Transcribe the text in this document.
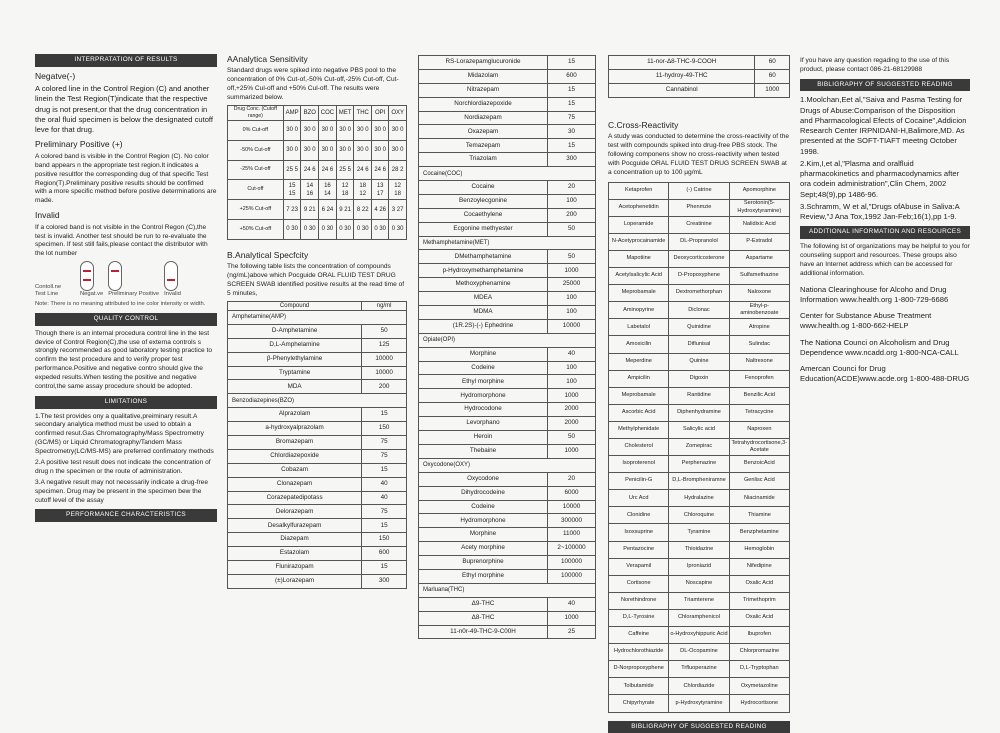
INTERPRATATION OF RESULTS
Negatve(-)
A colored line in the Control Region (C) and another linein the Test Region(T)indicate that the respective drug is not present,or that the drug concentration in the oral fluid specimen is below the designated cutoff leve for that drug.
Preliminary Positive (+)
A colored band is visible in the Control Region (C). No color band appears n the appropriate test region.It indicates a positive resultfor the corresponding dug of that specific Test Region(T).Preliminary positive results should be confimed with a more specific method before postive determinations are made.
Invalid
If a colored band is not visible in the Control Regon (C),the test is invalid. Another test should be run to re-evaluate the specimen. If test still fails,please contact the distributor with the lot number
Contoll.ne
Test Line	Negat.ve Preliminary Positive Invalid
Note: There is no meaning attributed to ine color intensity or width.
QUALITY CONTROL
Though there is an internal procedura control line in the test device of Control Region(C),the use of externa controls s strongly recommended as good laboratory testing practice to confirm the test procedure and to verify proper test performance.Positive and negative contro should give the expeded results.When testing the positive and negative control,the same assay procedure should be adopted.
LIMITATIONS
1.The test provides ony a qualitative,preiminary result.A secondary analytica method must be used to obtain a confirmed resut.Gas Chromatography/Mass Spectrometry (GC/MS) or Liquid Chromatography/Tandem Mass Spectrometry(LC/MS-MS) are preferred confimatory methods
2.A positive test result does not indicate the concentration of drug n the specimen or the route of administration.
3.A negative result may not necessarily indicate a drug-free specimen. Drug may be present in the specimen bew the cutoff level of the assay
PERFORMANCE CHARACTERISTICS
AAnalytica Sensitivity
Standard drugs were spiked into negative PBS pool to the concentration of 0% Cut-of,-50% Cut-off,-25% Cut-off, Cut-off,+25% Cul-off and +50% Cul-off. The results were summarized below.
Drug Conc. (Cutoff range)	AMP	BZO	COC	MET	THC	OPI	OXY
0% Cut-off	30 0	30 0	30 0	30 0	30 0	30 0	30 0
-50% Cut-off	30 0	30 0	30 0	30 0	30 0	30 0	30 0
-25% Cut-off	25 5	24 6	24 6	25 5	24 6	24 6	28 2
Cut-off	15 15	14 16	16 14	12 18	18 12	13 17	12 18
+25% Cut-off	7 23	9 21	6 24	9 21	8 22	4 26	3 27
+50% Cut-off	0 30	0 30	0 30	0 30	0 30	0 30	0 30
B.Analytical Specfcity
The following table lists the concentration of compounds (ng/mL)above which Pocguide ORAL FLUID TEST DRUG SCREEN SWAB identified positive results at the read time of 5 minutes,
Compound	ng/ml
Amphetamine(AMP)	
D-Amphetamine	50
D,L-Amphelamine	125
β-Phenylethylamine	10000
Tryptamine	10000
MDA	200
Benzodiazepines(BZO)	
Alprazolam	15
a-hydroxyalprazolam	150
Bromazepam	75
Chlordiazepoxide	75
Cobazam	15
Clonazepam	40
Corazepatedipotass	40
Delorazepam	75
Desalkylfurazepam	15
Diazepam	150
Estazolam	600
Flunirazopam	15
(±)Lorazepam	300
RS-Lorazepamglucuronide	15
Midazolam	600
Nitrazepam	15
Norchlordiazepoxide	15
Nordiazepam	75
Oxazepam	30
Temazepam	15
Triazolam	300
Cocaine(COC)	
Cocaine	20
Benzoylecgonine	100
Cocaethylene	200
Ecgonine methyester	50
Methamphetamine(MET)	
DMethamphetamine	50
p-Hydroxymethamphetamine	1000
Methoxyphenamine	25000
MDEA	100
MDMA	100
(1R.2S)-(-) Ephedrine	10000
Opiate(OPI)	
Morphine	40
Codeine	100
Ethyl morphine	100
Hydromorphone	1000
Hydrocodone	2000
Levorphano	2000
Heroin	50
Thebaine	1000
Oxycodone(OXY)	
Oxycodone	20
Dihydrocodeine	6000
Codeine	10000
Hydromorphone	300000
Morphine	11000
Acety morphine	2~100000
Buprenorphine	100000
Ethyl morphine	100000
Marluana(THC)	
Δ9-THC	40
Δ8-THC	1000
11-n0r-49-THC-9-C00H	25
11-nor-Δ8-THC-9-COOH	60
11-hydroy-49-THC	60
Cannabinol	1000
C.Cross-Reactivity
A study was conducted to determine the cross-reactivity of the test with compounds spiked into drug-free PBS stock. The following componens show no cross-reactivity when tested with Pocguide ORAL FLUID TEST DRUG SCREEN SWAB at a concentration up to 100 µg/mL
Ketaprofen	(-) Catrine	Apomorphine
Acetophenetidin	Phenmzie	Serotonin(5-Hydroxytyramine)
Loperamide	Creatinine	Nalidixic Acid
N-Acetyprocainamide	DL-Propranolol	P-Estradol
Mapotiine	Deoxycorticosterone	Aspartame
Acetylsalicylic Acid	D-Propoxyphene	Sulfamethazine
Meprobamale	Dextromethorphan	Naloxone
Aminopyrine	Diclonac	Ethyl-p-aminobenzoate
Labetalol	Quinidine	Atropine
Amoxicilin	Diflunisal	Sulindac
Meperdine	Quinine	Naltrexone
Ampicilin	Digoxin	Fenoprofen
Meprobamale	Rantidine	Benzilic Acid
Ascorbic Acid	Diphenhydramine	Tetracycine
Methylphenidate	Salicylic acid	Naproxen
Cholesterol	Zomepirac	Tetrahydrocortisone,3-Acetate
Isoproterenol	Perphenazine	BenzoicAcid
Penicilin-G	D,L-Brompheniramne	Genlisc Acid
Urc Acd	Hydralazine	Niacinamide
Clonidine	Chloroquine	Thiamine
Isoxsuprine	Tyramine	Benzphetamine
Pentazocine	Thioidazine	Hemoglobin
Verapamil	Iproniazid	Nifedipine
Cortisone	Noscapine	Oxalic Acid
Norethindrone	Triamterene	Trimethoprim
D,L-Tyrosine	Chloramphenicol	Oxalic Acid
Caffeine	o-Hydroxyhippuric Acid	Ibuprofen
Hydrochlorothiazide	DL-Ocopamine	Chlorpromazine
D-Norpropoxyphene	Trfluoperazine	D,L-Tryptophan
Tolbutamide	Chlordiazide	Oxymetazoline
Chipyrhyrate	p-Hydroxytyramine	Hydrocortisone
BIBLIGRAPHY OF SUGGESTED READING
If you have any question regading to the use of this product, please contact 086-21-68129988
BIBLIGRAPHY OF SUGGESTED READING
1.Moolchan,Eet al,"Saiva and Pasma Testing for Drugs of Abuse:Comparison of the Disposition and Pharmacological Efects of Cocaine",Addicion Research Center IRPNIDANI-H,Balimore,MD. As presented at the SOFT-TIAFT meetng October 1998.
2.Kim,I,et al,"Plasma and oralfluid pharmacokinetics and pharmacodynamics after ora codein administration",Clin Chem, 2002 Sept;48(9),pp 1486-96.
3.Schramm, W et al,"Drugs ofAbuse in Saliva:A Review,"J Ana Tox,1992 Jan-Feb;16(1),pp 1-9.
ADDITIONAL INFORMATION AND RESOURCES
The following lst of organizations may be helpful to you for counseling support and resources. These groups also have an Internet address which can be accessed for additional information.
Nationa Clearinghouse for Alcoho and Drug Information www.health.org 1-800-729-6686
Center for Substance Abuse Treatment www.health.og 1-800-662-HELP
The Nationa Counci on Alcoholism and Drug Dependence www.ncadd.org 1-800-NCA-CALL
Amercan Counci for Drug Education(ACDE)www.acde.org 1-800-488-DRUG
